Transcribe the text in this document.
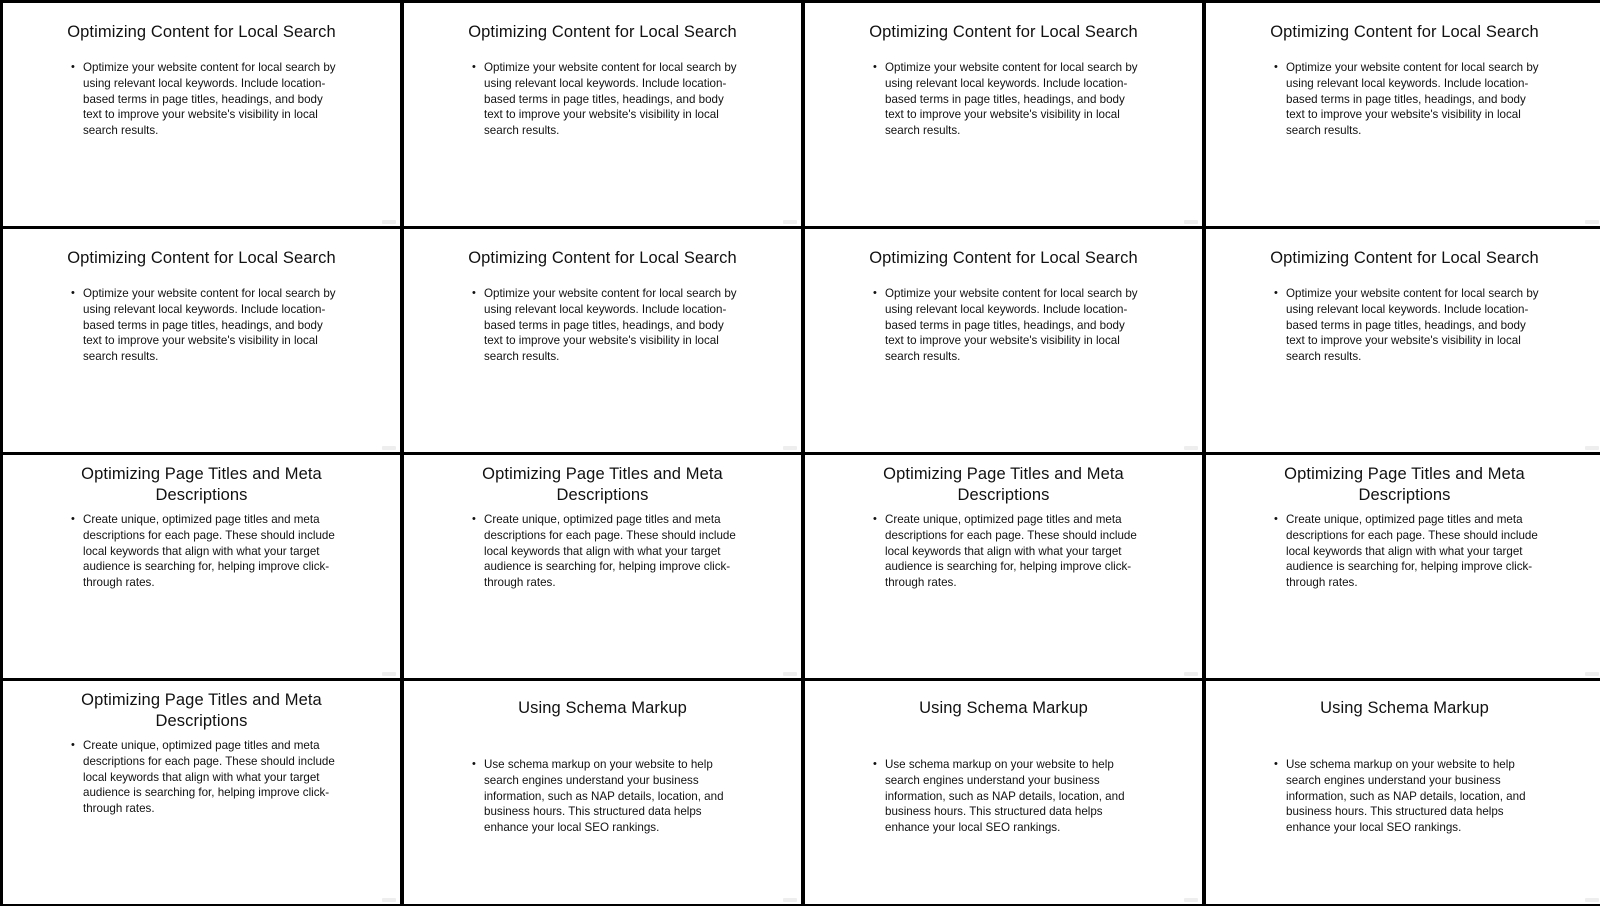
Optimizing Content for Local Search
• Optimize your website content for local search by using relevant local keywords. Include location-based terms in page titles, headings, and body text to improve your website's visibility in local search results.
Optimizing Content for Local Search
• Optimize your website content for local search by using relevant local keywords. Include location-based terms in page titles, headings, and body text to improve your website's visibility in local search results.
Optimizing Content for Local Search
• Optimize your website content for local search by using relevant local keywords. Include location-based terms in page titles, headings, and body text to improve your website's visibility in local search results.
Optimizing Content for Local Search
• Optimize your website content for local search by using relevant local keywords. Include location-based terms in page titles, headings, and body text to improve your website's visibility in local search results.
Optimizing Content for Local Search
• Optimize your website content for local search by using relevant local keywords. Include location-based terms in page titles, headings, and body text to improve your website's visibility in local search results.
Optimizing Content for Local Search
• Optimize your website content for local search by using relevant local keywords. Include location-based terms in page titles, headings, and body text to improve your website's visibility in local search results.
Optimizing Content for Local Search
• Optimize your website content for local search by using relevant local keywords. Include location-based terms in page titles, headings, and body text to improve your website's visibility in local search results.
Optimizing Content for Local Search
• Optimize your website content for local search by using relevant local keywords. Include location-based terms in page titles, headings, and body text to improve your website's visibility in local search results.
Optimizing Page Titles and Meta Descriptions
• Create unique, optimized page titles and meta descriptions for each page. These should include local keywords that align with what your target audience is searching for, helping improve click-through rates.
Optimizing Page Titles and Meta Descriptions
• Create unique, optimized page titles and meta descriptions for each page. These should include local keywords that align with what your target audience is searching for, helping improve click-through rates.
Optimizing Page Titles and Meta Descriptions
• Create unique, optimized page titles and meta descriptions for each page. These should include local keywords that align with what your target audience is searching for, helping improve click-through rates.
Optimizing Page Titles and Meta Descriptions
• Create unique, optimized page titles and meta descriptions for each page. These should include local keywords that align with what your target audience is searching for, helping improve click-through rates.
Optimizing Page Titles and Meta Descriptions
• Create unique, optimized page titles and meta descriptions for each page. These should include local keywords that align with what your target audience is searching for, helping improve click-through rates.
Using Schema Markup
• Use schema markup on your website to help search engines understand your business information, such as NAP details, location, and business hours. This structured data helps enhance your local SEO rankings.
Using Schema Markup
• Use schema markup on your website to help search engines understand your business information, such as NAP details, location, and business hours. This structured data helps enhance your local SEO rankings.
Using Schema Markup
• Use schema markup on your website to help search engines understand your business information, such as NAP details, location, and business hours. This structured data helps enhance your local SEO rankings.
